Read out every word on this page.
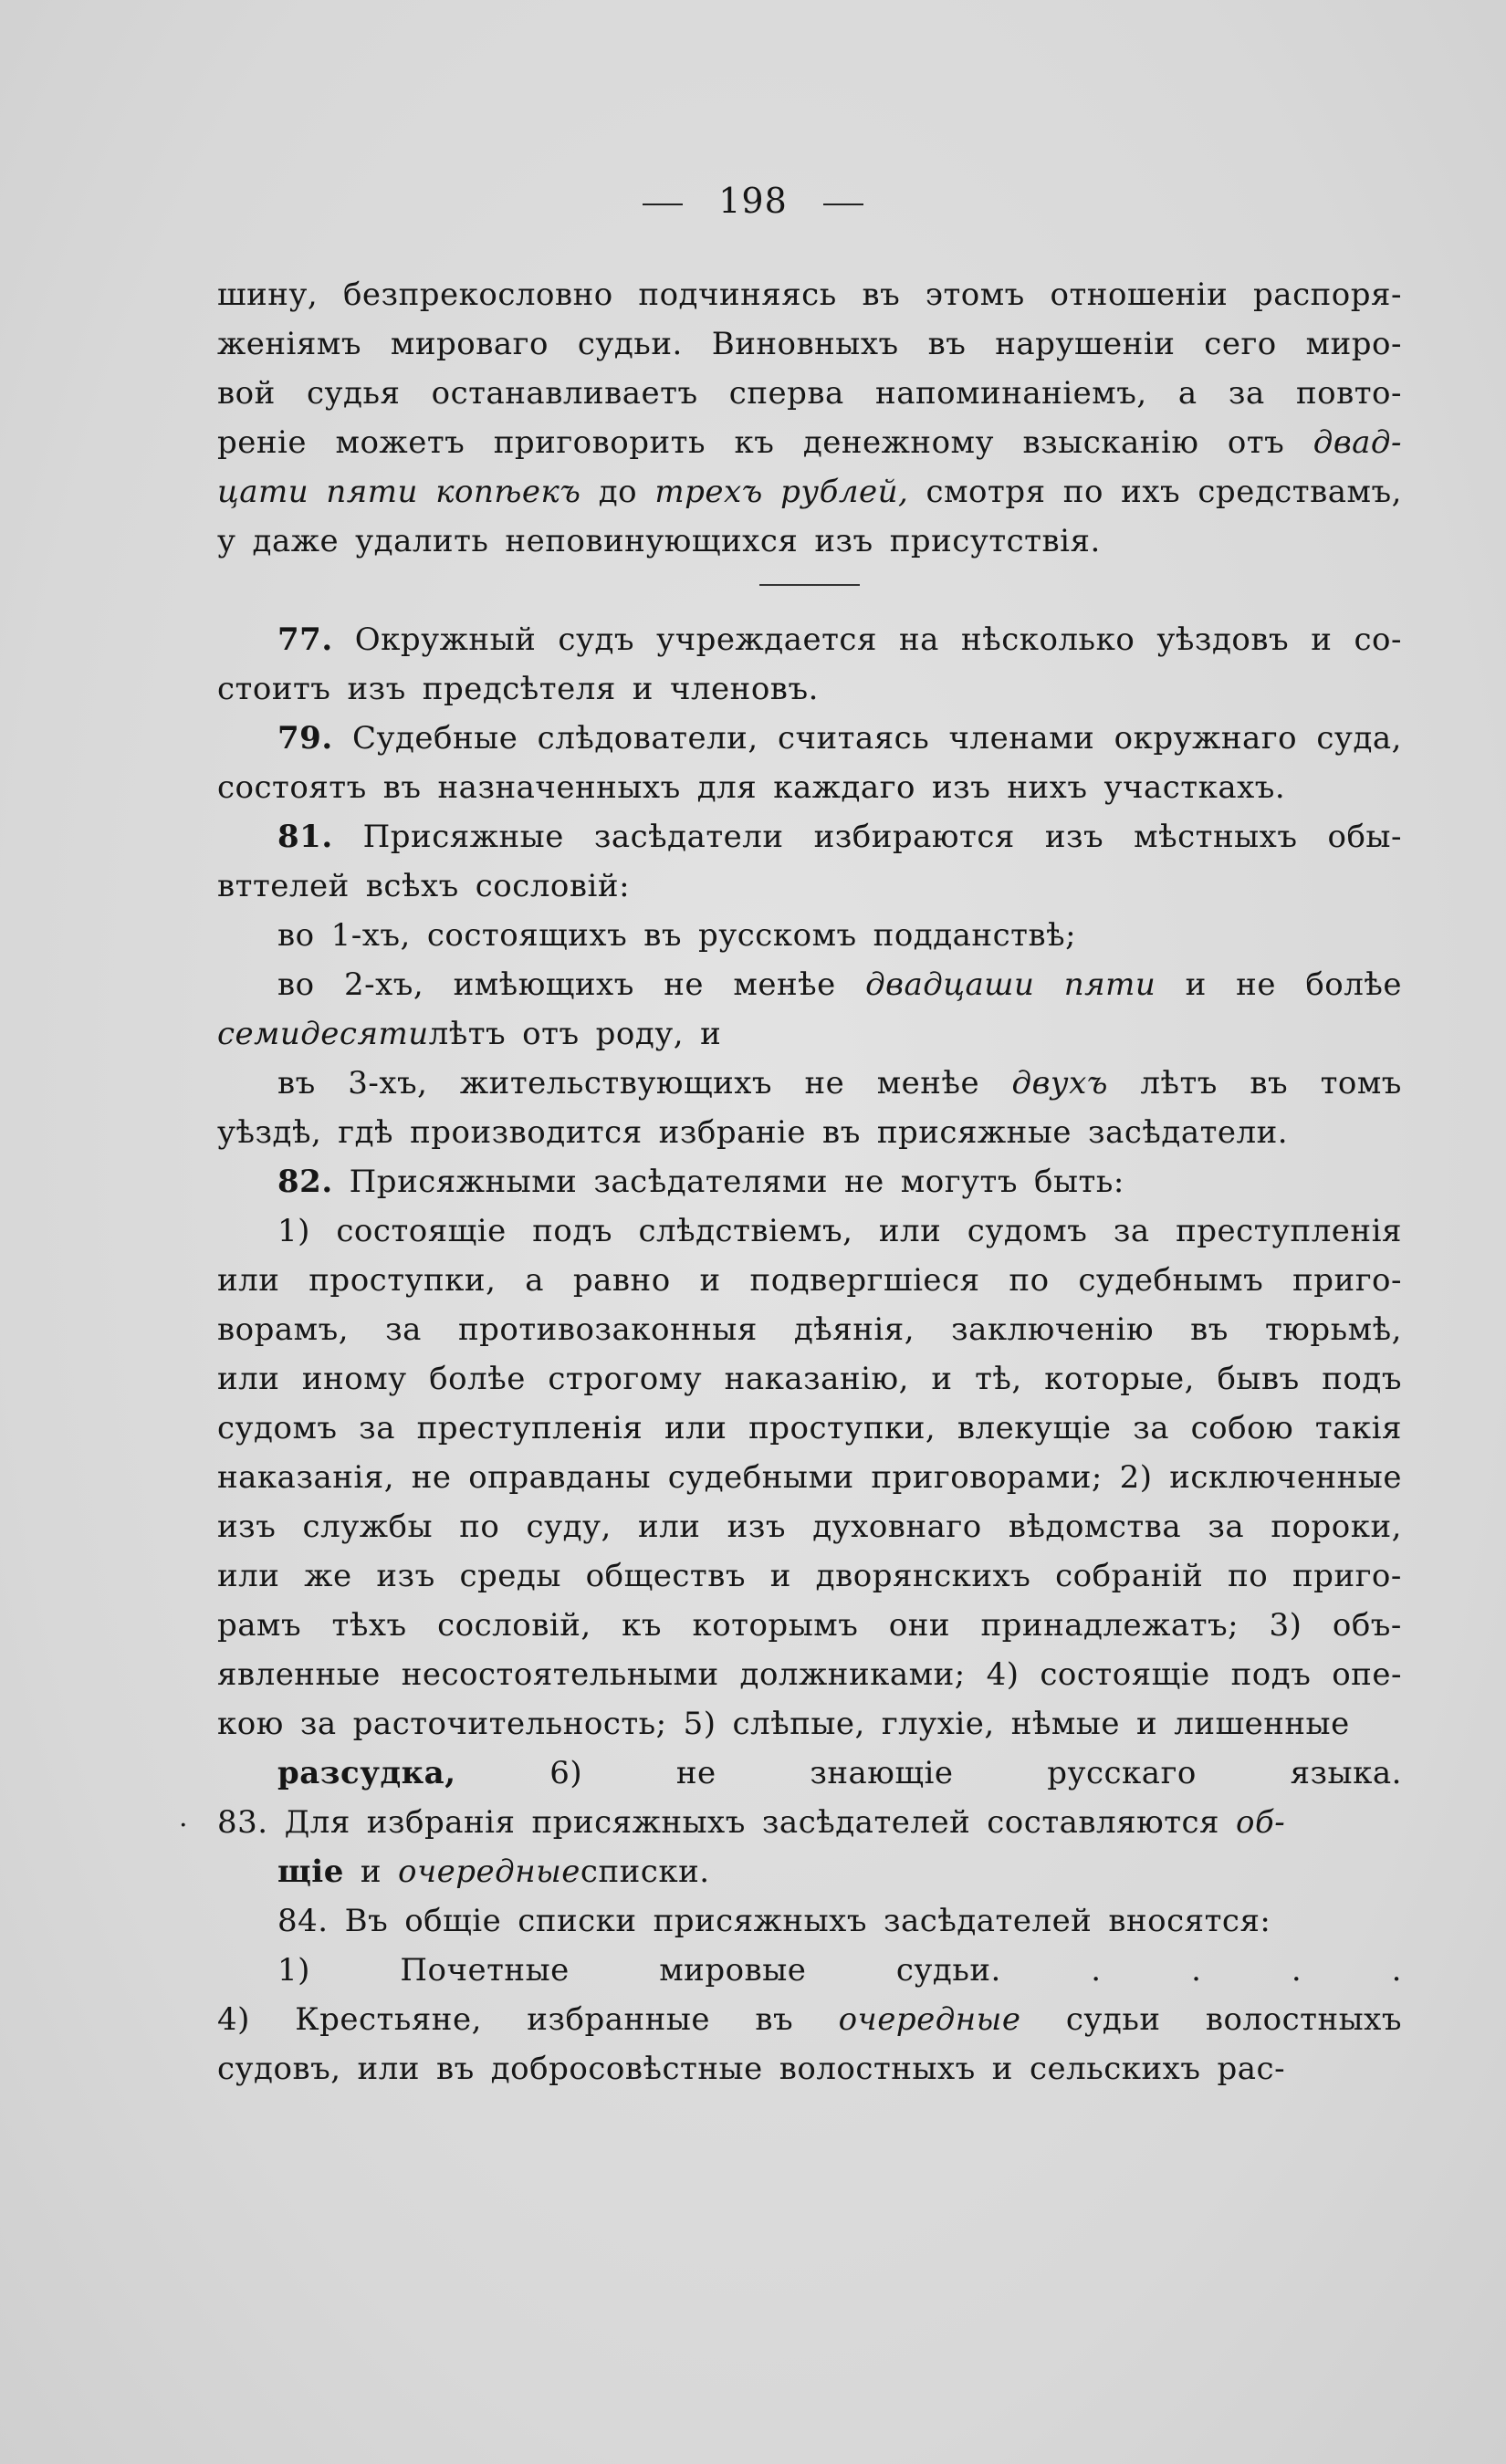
198
.
шину, безпрекословно подчиняясь въ этомъ отношеніи распоря-
женіямъ мироваго судьи. Виновныхъ въ нарушеніи сего миро-
вой судья останавливаетъ сперва напоминаніемъ, а за повто-
реніе можетъ приговорить къ денежному взысканію отъ двад-
цати пяти копѣекъ до трехъ рублей, смотря по ихъ средствамъ,
у даже удалить неповинующихся изъ присутствія.
77. Окружный судъ учреждается на нѣсколько уѣздовъ и со-
стоитъ изъ предсѣтеля и членовъ.
79. Судебные слѣдователи, считаясь членами окружнаго суда,
состоятъ въ назначенныхъ для каждаго изъ нихъ участкахъ.
81. Присяжные засѣдатели избираются изъ мѣстныхъ обы-
вттелей всѣхъ сословій:
во 1-хъ, состоящихъ въ русскомъ подданствѣ;
во 2-хъ, имѣющихъ не менѣе двадцаши пяти и не болѣе
семидесяти лѣтъ отъ роду, и
въ 3-хъ, жительствующихъ не менѣе двухъ лѣтъ въ томъ
уѣздѣ, гдѣ производится избраніе въ присяжные засѣдатели.
82. Присяжными засѣдателями не могутъ быть:
1) состоящіе подъ слѣдствіемъ, или судомъ за преступленія
или проступки, а равно и подвергшіеся по судебнымъ приго-
ворамъ, за противозаконныя дѣянія, заключенію въ тюрьмѣ,
или иному болѣе строгому наказанію, и тѣ, которые, бывъ подъ
судомъ за преступленія или проступки, влекущіе за собою такія
наказанія, не оправданы судебными приговорами; 2) исключенные
изъ службы по суду, или изъ духовнаго вѣдомства за пороки,
или же изъ среды обществъ и дворянскихъ собраній по приго-
рамъ тѣхъ сословій, къ которымъ они принадлежатъ; 3) объ-
явленные несостоятельными должниками; 4) состоящіе подъ опе-
кою за расточительность; 5) слѣпые, глухіе, нѣмые и лишенные
разсудка,	6)	не	знающіе	русскаго	языка.
83. Для избранія присяжныхъ засѣдателей составляются об-
щіе и очередные списки.
84. Въ общіе списки присяжныхъ засѣдателей вносятся:
1)	Почетные	мировые	судьи.	.	.	.	.
4) Крестьяне, избранные въ очередные судьи волостныхъ
судовъ, или въ добросовѣстные волостныхъ и сельскихъ рас-
